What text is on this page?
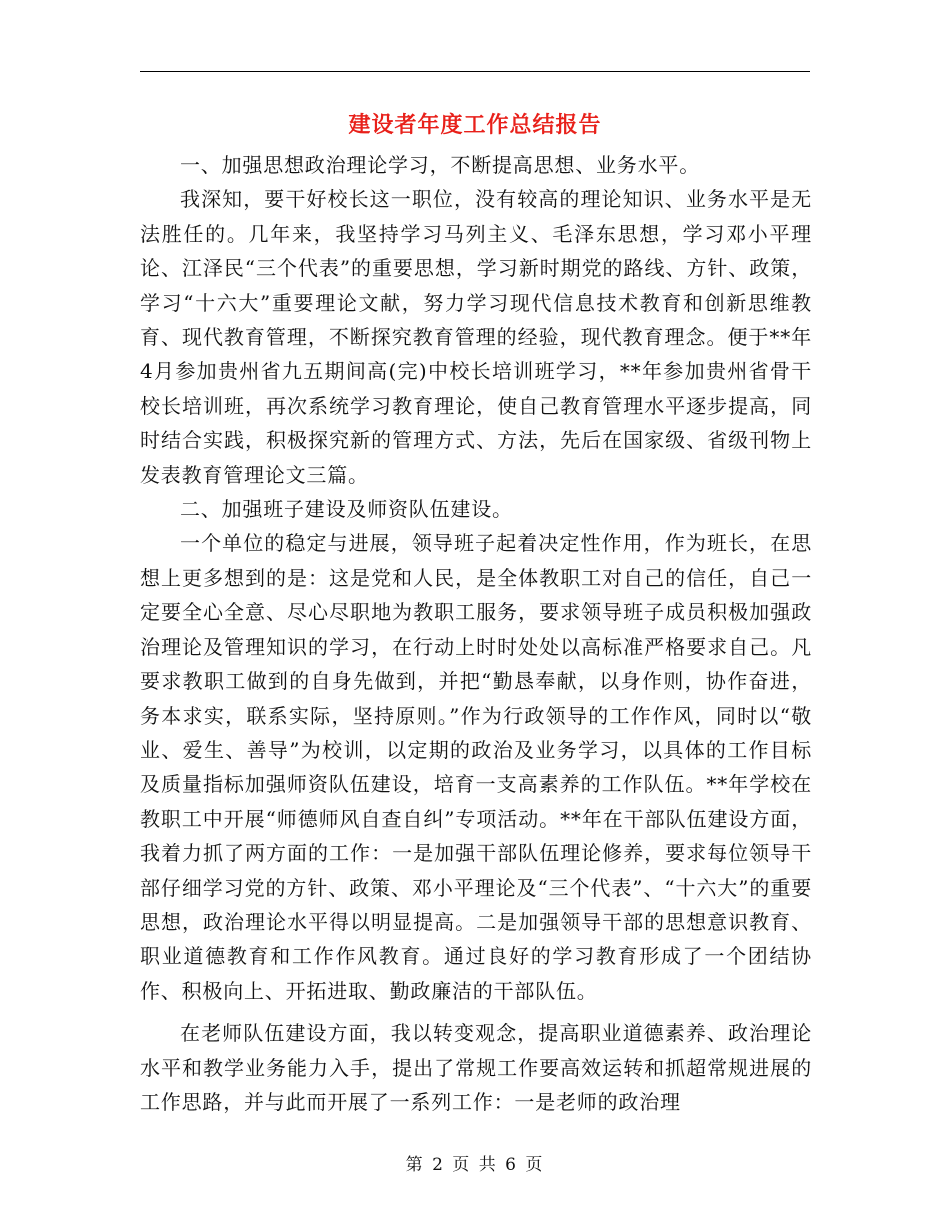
建设者年度工作总结报告

一、加强思想政治理论学习，不断提高思想、业务水平。

我深知，要干好校长这一职位，没有较高的理论知识、业务水平是无法胜任的。几年来，我坚持学习马列主义、毛泽东思想，学习邓小平理论、江泽民“三个代表”的重要思想，学习新时期党的路线、方针、政策，学习“十六大”重要理论文献，努力学习现代信息技术教育和创新思维教育、现代教育管理，不断探究教育管理的经验，现代教育理念。便于**年4月参加贵州省九五期间高(完)中校长培训班学习，**年参加贵州省骨干校长培训班，再次系统学习教育理论，使自己教育管理水平逐步提高，同时结合实践，积极探究新的管理方式、方法，先后在国家级、省级刊物上发表教育管理论文三篇。

二、加强班子建设及师资队伍建设。

一个单位的稳定与进展，领导班子起着决定性作用，作为班长，在思想上更多想到的是：这是党和人民，是全体教职工对自己的信任，自己一定要全心全意、尽心尽职地为教职工服务，要求领导班子成员积极加强政治理论及管理知识的学习，在行动上时时处处以高标准严格要求自己。凡要求教职工做到的自身先做到，并把“勤恳奉献，以身作则，协作奋进，务本求实，联系实际，坚持原则。”作为行政领导的工作作风，同时以“敬业、爱生、善导”为校训，以定期的政治及业务学习，以具体的工作目标及质量指标加强师资队伍建设，培育一支高素养的工作队伍。**年学校在教职工中开展“师德师风自查自纠”专项活动。**年在干部队伍建设方面，我着力抓了两方面的工作：一是加强干部队伍理论修养，要求每位领导干部仔细学习党的方针、政策、邓小平理论及“三个代表”、“十六大”的重要思想，政治理论水平得以明显提高。二是加强领导干部的思想意识教育、职业道德教育和工作作风教育。通过良好的学习教育形成了一个团结协作、积极向上、开拓进取、勤政廉洁的干部队伍。

在老师队伍建设方面，我以转变观念，提高职业道德素养、政治理论水平和教学业务能力入手，提出了常规工作要高效运转和抓超常规进展的工作思路，并与此而开展了一系列工作：一是老师的政治理

第 2 页 共 6 页
